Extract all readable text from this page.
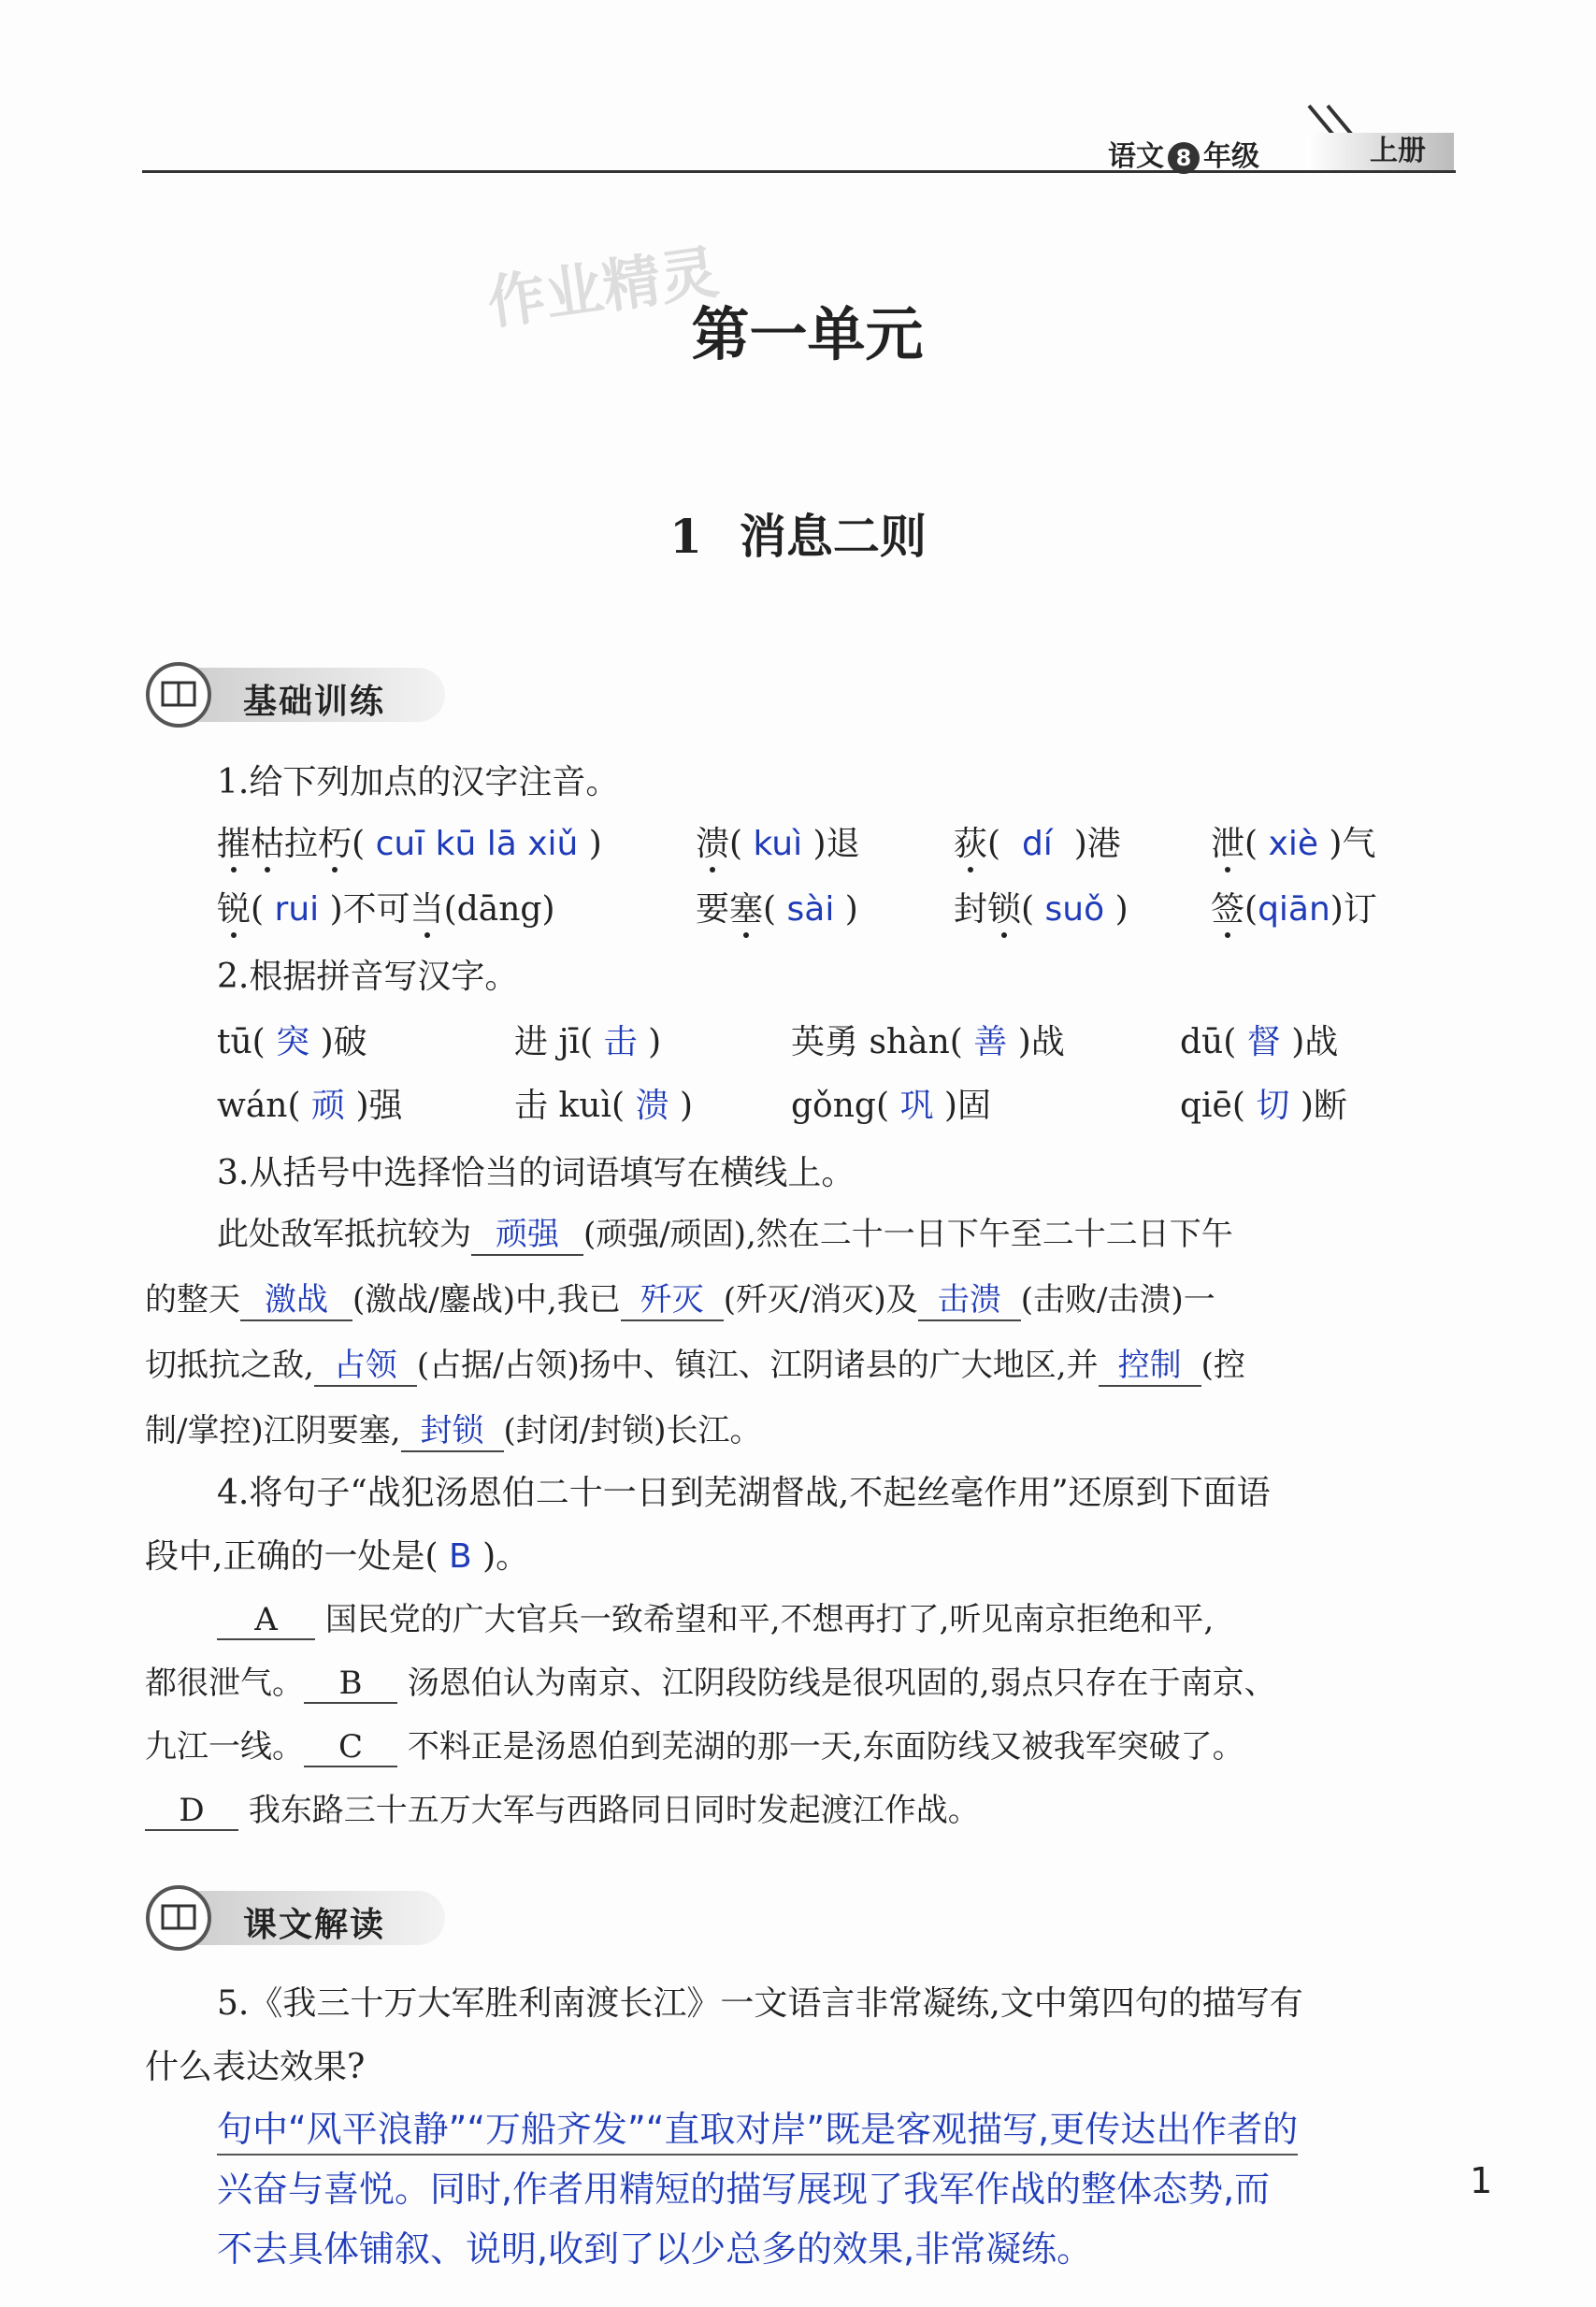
语文 8 年级	上册
作业精灵
第一单元
1 消息二则
基础训练
1.给下列加点的汉字注音。
摧枯拉朽( cuī kū lā xiǔ )	溃( kuì )退	荻(  dí  )港	泄( xiè )气
锐( rui )不可当(dāng)	要塞( sài )	封锁( suǒ ) 签(qiān)订
2.根据拼音写汉字。
tū( 突 )破	进 jī( 击 )	英勇 shàn( 善 )战	dū( 督 )战
wán( 顽 )强	击 kuì( 溃 )	gǒng( 巩 )固	qiē( 切 )断
3.从括号中选择恰当的词语填写在横线上。
此处敌军抵抗较为 顽强 (顽强/顽固),然在二十一日下午至二十二日下午
的整天 激战 (激战/鏖战)中,我已 歼灭 (歼灭/消灭)及 击溃 (击败/击溃)一
切抵抗之敌, 占领 (占据/占领)扬中、镇江、江阴诸县的广大地区,并 控制 (控
制/掌控)江阴要塞, 封锁 (封闭/封锁)长江。
4.将句子“战犯汤恩伯二十一日到芜湖督战,不起丝毫作用”还原到下面语
段中,正确的一处是( B )。
A 国民党的广大官兵一致希望和平,不想再打了,听见南京拒绝和平,
都很泄气。 B 汤恩伯认为南京、江阴段防线是很巩固的,弱点只存在于南京、
九江一线。 C 不料正是汤恩伯到芜湖的那一天,东面防线又被我军突破了。
D 我东路三十五万大军与西路同日同时发起渡江作战。
课文解读
5.《我三十万大军胜利南渡长江》一文语言非常凝练,文中第四句的描写有
什么表达效果?
句中“风平浪静”“万船齐发”“直取对岸”既是客观描写,更传达出作者的
兴奋与喜悦。同时,作者用精短的描写展现了我军作战的整体态势,而
不去具体铺叙、说明,收到了以少总多的效果,非常凝练。
1
